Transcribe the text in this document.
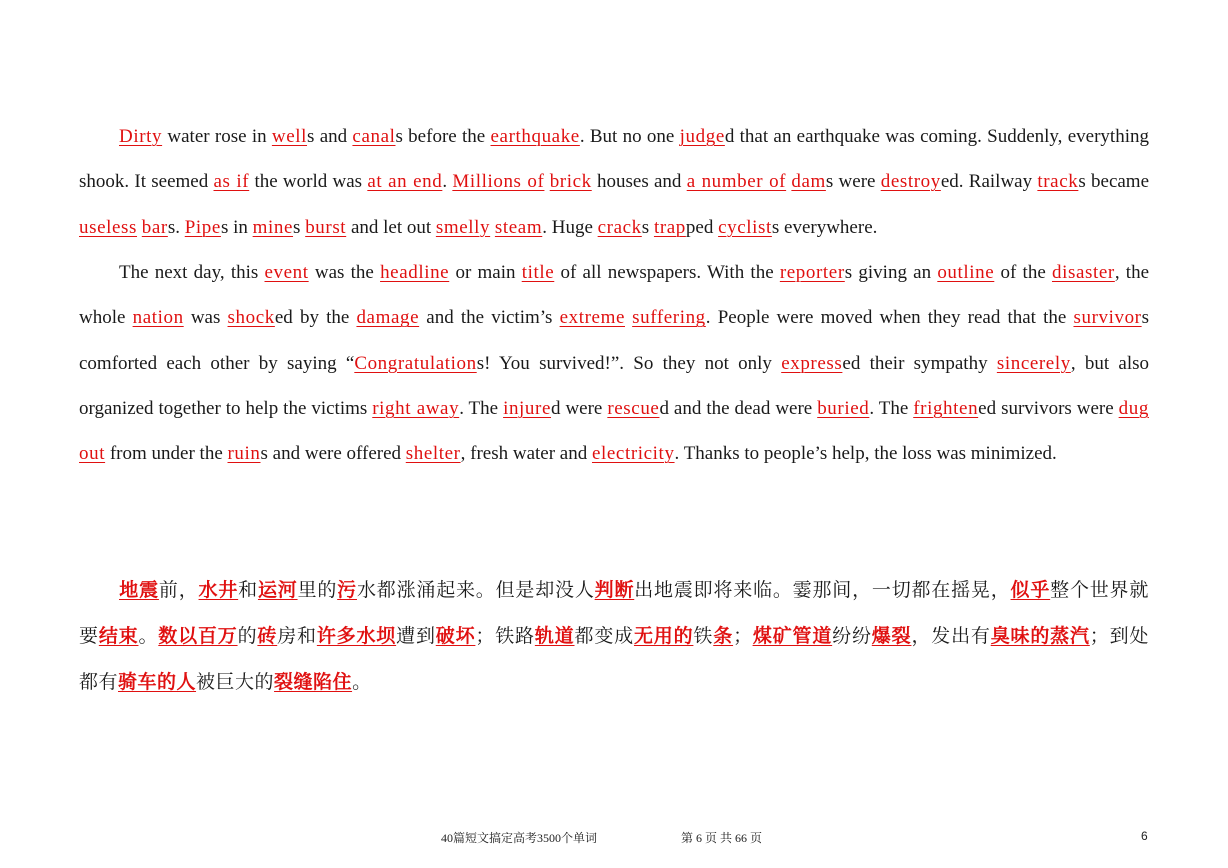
Dirty water rose in wells and canals before the earthquake. But no one judged that an earthquake was coming. Suddenly, everything shook. It seemed as if the world was at an end. Millions of brick houses and a number of dams were destroyed. Railway tracks became useless bars. Pipes in mines burst and let out smelly steam. Huge cracks trapped cyclists everywhere.
The next day, this event was the headline or main title of all newspapers. With the reporters giving an outline of the disaster, the whole nation was shocked by the damage and the victim’s extreme suffering. People were moved when they read that the survivors comforted each other by saying “Congratulations! You survived!”. So they not only expressed their sympathy sincerely, but also organized together to help the victims right away. The injured were rescued and the dead were buried. The frightened survivors were dug out from under the ruins and were offered shelter, fresh water and electricity. Thanks to people’s help, the loss was minimized.
地震前，水井和运河里的污水都涨涌起来。但是却没人判断出地震即将来临。霎那间，一切都在摇晃，似乎整个世界就要结束。数以百万的砖房和许多水坝遭到破坏；铁路轨道都变成无用的铁条；煤矿管道纷纷爆裂，发出有臭味的蒸汽；到处都有骑车的人被巨大的裂缝陷住。
40篇短文搞定高考3500个单词	第 6 页 共 66 页	6
